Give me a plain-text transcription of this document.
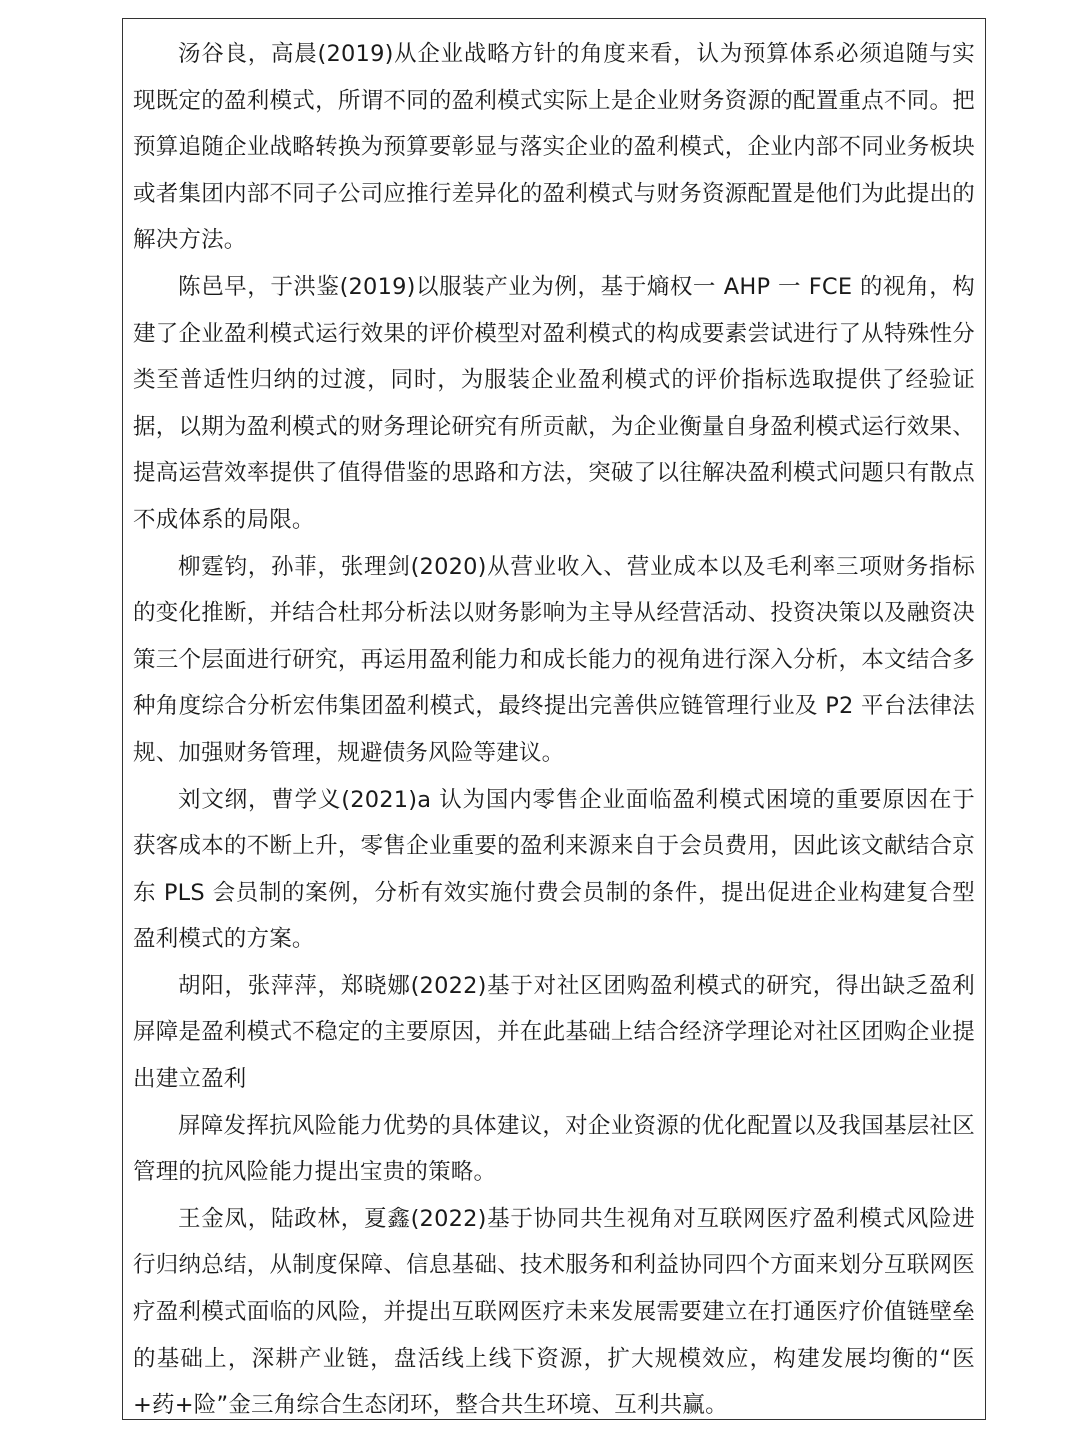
汤谷良，高晨(2019)从企业战略方针的角度来看，认为预算体系必须追随与实现既定的盈利模式，所谓不同的盈利模式实际上是企业财务资源的配置重点不同。把预算追随企业战略转换为预算要彰显与落实企业的盈利模式，企业内部不同业务板块或者集团内部不同子公司应推行差异化的盈利模式与财务资源配置是他们为此提出的解决方法。

陈邑早，于洪鉴(2019)以服装产业为例，基于熵权一 AHP 一 FCE 的视角，构建了企业盈利模式运行效果的评价模型对盈利模式的构成要素尝试进行了从特殊性分类至普适性归纳的过渡，同时，为服装企业盈利模式的评价指标选取提供了经验证据，以期为盈利模式的财务理论研究有所贡献，为企业衡量自身盈利模式运行效果、提高运营效率提供了值得借鉴的思路和方法，突破了以往解决盈利模式问题只有散点不成体系的局限。

柳霆钧，孙菲，张理剑(2020)从营业收入、营业成本以及毛利率三项财务指标的变化推断，并结合杜邦分析法以财务影响为主导从经营活动、投资决策以及融资决策三个层面进行研究，再运用盈利能力和成长能力的视角进行深入分析，本文结合多种角度综合分析宏伟集团盈利模式，最终提出完善供应链管理行业及 P2 平台法律法规、加强财务管理，规避债务风险等建议。

刘文纲，曹学义(2021)a 认为国内零售企业面临盈利模式困境的重要原因在于获客成本的不断上升，零售企业重要的盈利来源来自于会员费用，因此该文献结合京东 PLS 会员制的案例，分析有效实施付费会员制的条件，提出促进企业构建复合型盈利模式的方案。

胡阳，张萍萍，郑晓娜(2022)基于对社区团购盈利模式的研究，得出缺乏盈利屏障是盈利模式不稳定的主要原因，并在此基础上结合经济学理论对社区团购企业提出建立盈利

屏障发挥抗风险能力优势的具体建议，对企业资源的优化配置以及我国基层社区管理的抗风险能力提出宝贵的策略。

王金凤，陆政林，夏鑫(2022)基于协同共生视角对互联网医疗盈利模式风险进行归纳总结，从制度保障、信息基础、技术服务和利益协同四个方面来划分互联网医疗盈利模式面临的风险，并提出互联网医疗未来发展需要建立在打通医疗价值链壁垒的基础上，深耕产业链，盘活线上线下资源，扩大规模效应，构建发展均衡的“医+药+险”金三角综合生态闭环，整合共生环境、互利共赢。
